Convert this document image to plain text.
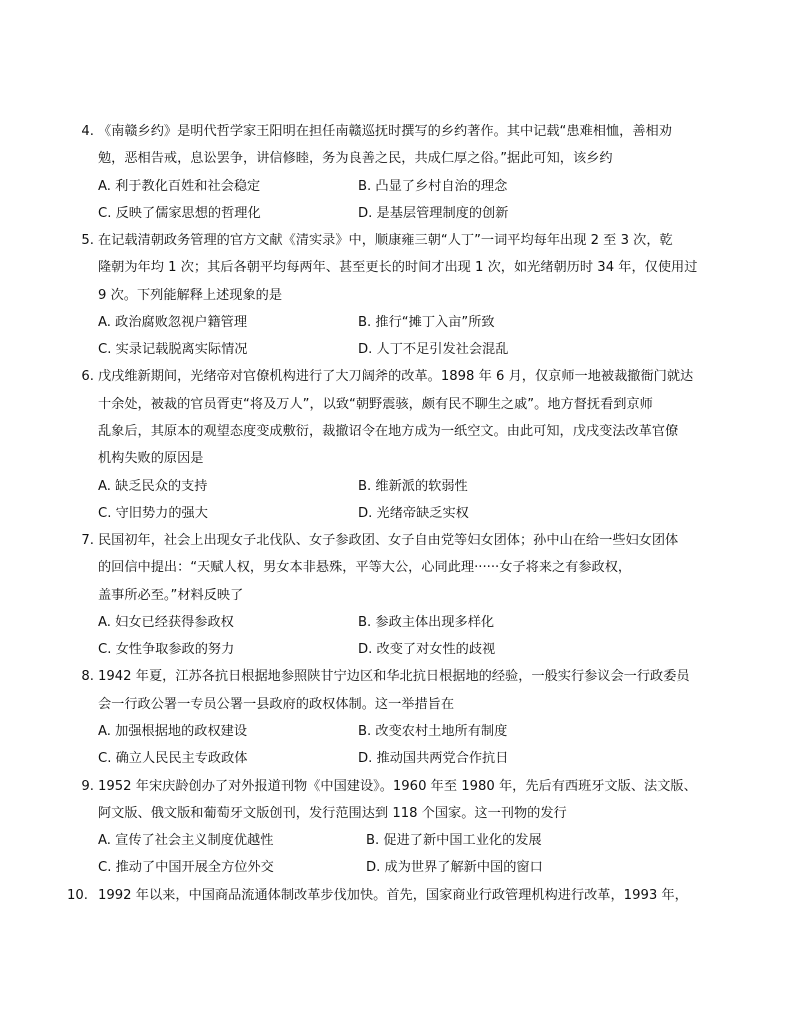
4. 《南赣乡约》是明代哲学家王阳明在担任南赣巡抚时撰写的乡约著作。其中记载“患难相恤，善相劝
勉，恶相告戒，息讼罢争，讲信修睦，务为良善之民，共成仁厚之俗。”据此可知，该乡约
A. 利于教化百姓和社会稳定	B. 凸显了乡村自治的理念
C. 反映了儒家思想的哲理化	D. 是基层管理制度的创新
5. 在记载清朝政务管理的官方文献《清实录》中，顺康雍三朝“人丁”一词平均每年出现 2 至 3 次，乾
隆朝为年均 1 次；其后各朝平均每两年、甚至更长的时间才出现 1 次，如光绪朝历时 34 年，仅使用过
9 次。下列能解释上述现象的是
A. 政治腐败忽视户籍管理	B. 推行“摊丁入亩”所致
C. 实录记载脱离实际情况	D. 人丁不足引发社会混乱
6. 戊戌维新期间，光绪帝对官僚机构进行了大刀阔斧的改革。1898 年 6 月，仅京师一地被裁撤衙门就达
十余处，被裁的官员胥吏“将及万人”，以致“朝野震骇，颇有民不聊生之戚”。地方督抚看到京师
乱象后，其原本的观望态度变成敷衍，裁撤诏令在地方成为一纸空文。由此可知，戊戌变法改革官僚
机构失败的原因是
A. 缺乏民众的支持	B. 维新派的软弱性
C. 守旧势力的强大	D. 光绪帝缺乏实权
7. 民国初年，社会上出现女子北伐队、女子参政团、女子自由党等妇女团体；孙中山在给一些妇女团体
的回信中提出：“天赋人权，男女本非悬殊，平等大公，心同此理······女子将来之有参政权，
盖事所必至。”材料反映了
A. 妇女已经获得参政权	B. 参政主体出现多样化
C. 女性争取参政的努力	D. 改变了对女性的歧视
8. 1942 年夏，江苏各抗日根据地参照陕甘宁边区和华北抗日根据地的经验，一般实行参议会一行政委员
会一行政公署一专员公署一县政府的政权体制。这一举措旨在
A. 加强根据地的政权建设	B. 改变农村土地所有制度
C. 确立人民民主专政政体	D. 推动国共两党合作抗日
9. 1952 年宋庆龄创办了对外报道刊物《中国建设》。1960 年至 1980 年，先后有西班牙文版、法文版、
阿文版、俄文版和葡萄牙文版创刊，发行范围达到 118 个国家。这一刊物的发行
A. 宣传了社会主义制度优越性	B. 促进了新中国工业化的发展
C. 推动了中国开展全方位外交	D. 成为世界了解新中国的窗口
10. 1992 年以来，中国商品流通体制改革步伐加快。首先，国家商业行政管理机构进行改革，1993 年，
